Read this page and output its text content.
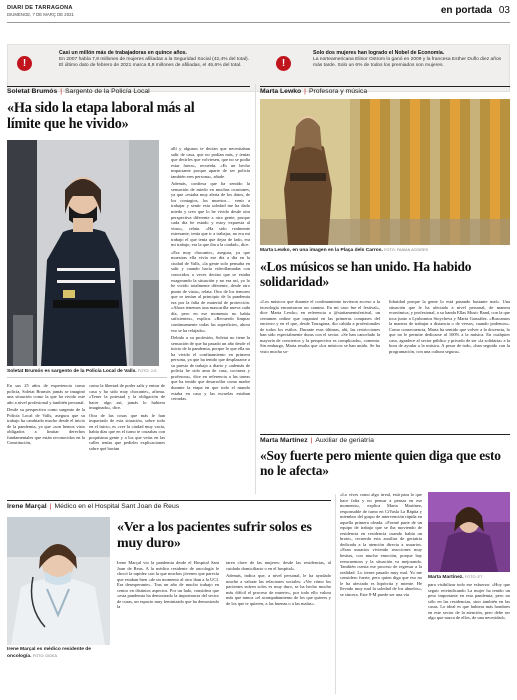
DIARI DE TARRAGONA
DIUMENGE, 7 DE MARÇ DE 2021	en portada 03
!
Casi un millón más de trabajadoras en quince años.
En 2007 había 7,8 millones de mujeres afiliadas a la Seguridad Social (42,4% del total). El último dato de febrero de 2021 marca 8,8 millones de afiliadas, el 46,6% del total.	!
Solo dos mujeres han logrado el Nobel de Economía.
La norteamericana Elinor Ostrom lo ganó en 2009 y la francesa Esther Duflo diez años más tarde. Solo un 6% de todos los premiados son mujeres.
Soletat Brumós | Sargento de la Policía Local
«Ha sido la etapa laboral más al límite que he vivido»
Soletat Brumós es sargento de la Policía Local de Valls. FOTO: J.G.

En sus 25 años de experiencia como policía, Soletat Brumós jamás se imaginó una situación como la que ha vivido este año a nivel profesional y también personal.

Desde su perspectiva como sargento de la Policía Local de Valls, asegura que su trabajo ha cambiado mucho desde el inicio de la pandemia, ya que «son hemos visto obligados a limitar derechos fundamentales que están reconocidos en la Constitución,

como la libertad de poder salir y entrar de casa y ha sido muy chocante», afirma. «Tener la potestad y la obligación de hacer algo así, jamás lo hubiera imaginado», dice.

Otra de las cosas que más le han impactado de esta situación, sobre todo en el inicio, es «ver la ciudad muy vacía, había días que en el turno te cruzabas con poquísima gente y a los que veías en las calles tenías que pedirles explicaciones sobre qué hacían

allí y algunos te decían que necesitaban salir de casa, que no podían más, y tenías que decirles que volviesen, que no se podía estar fuera», recuerda. «Es un hecho impactante porque aparte de ser policía también eres persona», añade.

Además, confiesa que ha sentido la sensación de miedo en muchas ocasiones, ya que «estaba muy alerta de los datos, de los contagios, los muertos… venir a trabajar y sentir esta soledad me ha dado miedo y creo que lo he vivido desde otra perspectiva diferente a otra gente, porque cada día he estado y estoy expuesta al virus», relata. «Ha sido realmente estresante, tenía que ir a trabajar, no era mi trabajo el que tenía que dejar de lado, era mi trabajo, era la que iba a la ciudad», dice.

«Era muy chocante», asegura, ya que muestras ella vivía ese día a día en la ciudad de Valls, «la gente solo pensaba en salir y cuando hacía videollamadas con conocidos a veces decían que se estaba exagerando la situación y no era así, yo lo he vivido totalmente diferente, desde otro punto de vista», relata. Otro de los temores que se tenían al principio de la pandemia era por la falta de material de protección. «Ahora tenemos una mascarilla nueva cada día, pero en ese momento no había suficientes», explica. «Recuerdo limpiar continuamente todas las superficies, ahora eso se ha relajado».

Debido a su profesión, Soletat no tiene la sensación de que ha pasado un año desde el inicio de la pandemia, porque lo que ella no ha vivido el confinamiento en primera persona, ya que ha tenido que desplazarse a su puesto de trabajo a diario y «además de policía he sido ama de casa, cocinera y profesora», dice en referencia a las tareas que ha tenido que desarrollar como madre durante la etapa en que todo el mundo estaba en casa y las escuelas estaban cerradas.

Marta Lewko | Profesora y música
Marta Lewko, en una imagen en la Plaça dels Carros. FOTO: FABIÁN ACIDRES
«Los músicos se han unido. Ha habido solidaridad»

«Los músicos que durante el confinamiento tuvieron acceso a la tecnología encontraron un camino. En mi caso fue el festival», dice Marta Lewko, en referencia a @staiiamentsfestival, un certamen online que organizó en las primeras compases del encierro y en el que, desde Tarragona, dio cabida a profesionales de todos los estilos. Durante esas últimas, ahí, las restricciones han sido especialmente duras con el sector. «Se han cancelado la mayoría de conciertos y la perspectiva es complicada», comenta. Sin embargo, Marta resalta que «los músicos se han unido. Se ha visto mucha so-

lidaridad porque la gente lo está pasando bastante mal». Una situación que le ha afectado a nivel personal, de manera económica, y profesional, a su banda Ellas Music Band, con la que toca junto a Lyubomira Stoycheva y Marta González. «Buscamos la manera de trabajar a distancia o de versos, cuando podemos». Como consecuencia, Marta ha sentido que volver a la docencia, lo que no le permite dedicarse al 100% a la música. En cualquier caso, agradece al sector público y privado de ser «la solidaria» a la hora de ayudar a la música. A pesar de todo, «han seguido con la programación, con una cultura segura».

Marta Martínez | Auxiliar de geriatría
«Soy fuerte pero miente quien diga que esto no le afecta»

«Lo vives como algo irreal, está para lo que hace falta y no pensar a pensar en ese momento», explica Marta Martínez, responsable de turno en CiVasla La Ràpita y miembro del grupo de intervención rápida en aquella primera oleada. «Formé parte de un equipo de trabajo que se iba moviendo de residencia en residencia cuando había un brote», recuerda esta auxiliar de geriatría dedicada a la atención directa a usuarios. «Eran usuarios viviendo reacciones muy bestias, con mucha emoción, porque hay reencuentros y la situación va mejorando. También cuesta ese proceso de regresar a la realidad. Lo tienes pasado muy mal. Yo me considero fuerte, pero quien diga que eso no le ha afectado es hipócrita y miente. He llevado muy mal la soledad de los abuelos», se sincera. Este 8-M puede ser una vía

Marta Martínez. FOTO: ET

para visibilizar todo ese esfuerzo: «Hoy que seguir reivindicando La mujer ha tenido un peso importante en esta pandemia, pero no sólo en las residencias, sino también en las casas. Lo ideal es que hubiera más hombres en este sector de la atención, pero debe ser algo que nazca de ellos, de una necesidad».

Irene Marçal | Médico en el Hospital Sant Joan de Reus
Irene Marçal es médico residente de oncología. FOTO: DIDEA
«Ver a los pacientes sufrir solos es muy duro»

Irene Marçal vio la pandemia desde el Hospital Sant Joan de Reus. A la médico residente de oncología le chocó la rapidez con la que muchos jóvenes que parecía que estaban bien «de un momento al otro iban a la UCI. Era desesperante». Tras un año de mucho trabajo en centro en distintos aspectos. Por un lado, considera que «esta pandemia ha demostrado la importancia del sector de curas, un espacio muy feminizado que ha demostrado la

tarea clave de las mujeres: desde las residencias, al cuidado domiciliario o en el hospital».

Además, indica que, a nivel personal, le ha ayudado mucho a valorar las relaciones sociales: «Ver cómo los pacientes sufren solos es muy duro, se ha hecho mucho más difícil el proceso de muerte», por todo ello valora más que nunca «el acompañamiento de los que quieres y de los que te quieren, a las buenas o a las malas».
